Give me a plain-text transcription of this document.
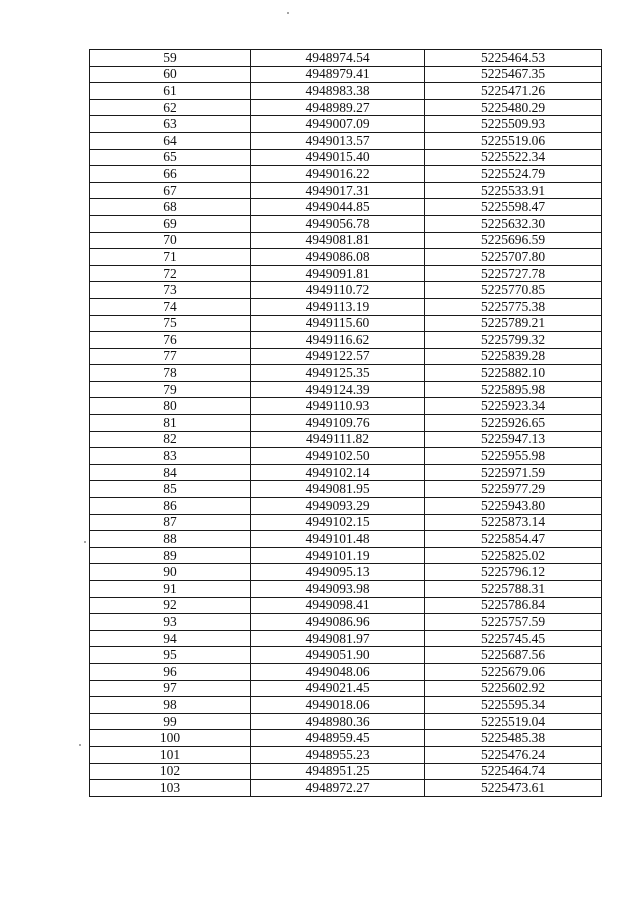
59	4948974.54	5225464.53
60	4948979.41	5225467.35
61	4948983.38	5225471.26
62	4948989.27	5225480.29
63	4949007.09	5225509.93
64	4949013.57	5225519.06
65	4949015.40	5225522.34
66	4949016.22	5225524.79
67	4949017.31	5225533.91
68	4949044.85	5225598.47
69	4949056.78	5225632.30
70	4949081.81	5225696.59
71	4949086.08	5225707.80
72	4949091.81	5225727.78
73	4949110.72	5225770.85
74	4949113.19	5225775.38
75	4949115.60	5225789.21
76	4949116.62	5225799.32
77	4949122.57	5225839.28
78	4949125.35	5225882.10
79	4949124.39	5225895.98
80	4949110.93	5225923.34
81	4949109.76	5225926.65
82	4949111.82	5225947.13
83	4949102.50	5225955.98
84	4949102.14	5225971.59
85	4949081.95	5225977.29
86	4949093.29	5225943.80
87	4949102.15	5225873.14
88	4949101.48	5225854.47
89	4949101.19	5225825.02
90	4949095.13	5225796.12
91	4949093.98	5225788.31
92	4949098.41	5225786.84
93	4949086.96	5225757.59
94	4949081.97	5225745.45
95	4949051.90	5225687.56
96	4949048.06	5225679.06
97	4949021.45	5225602.92
98	4949018.06	5225595.34
99	4948980.36	5225519.04
100	4948959.45	5225485.38
101	4948955.23	5225476.24
102	4948951.25	5225464.74
103	4948972.27	5225473.61
